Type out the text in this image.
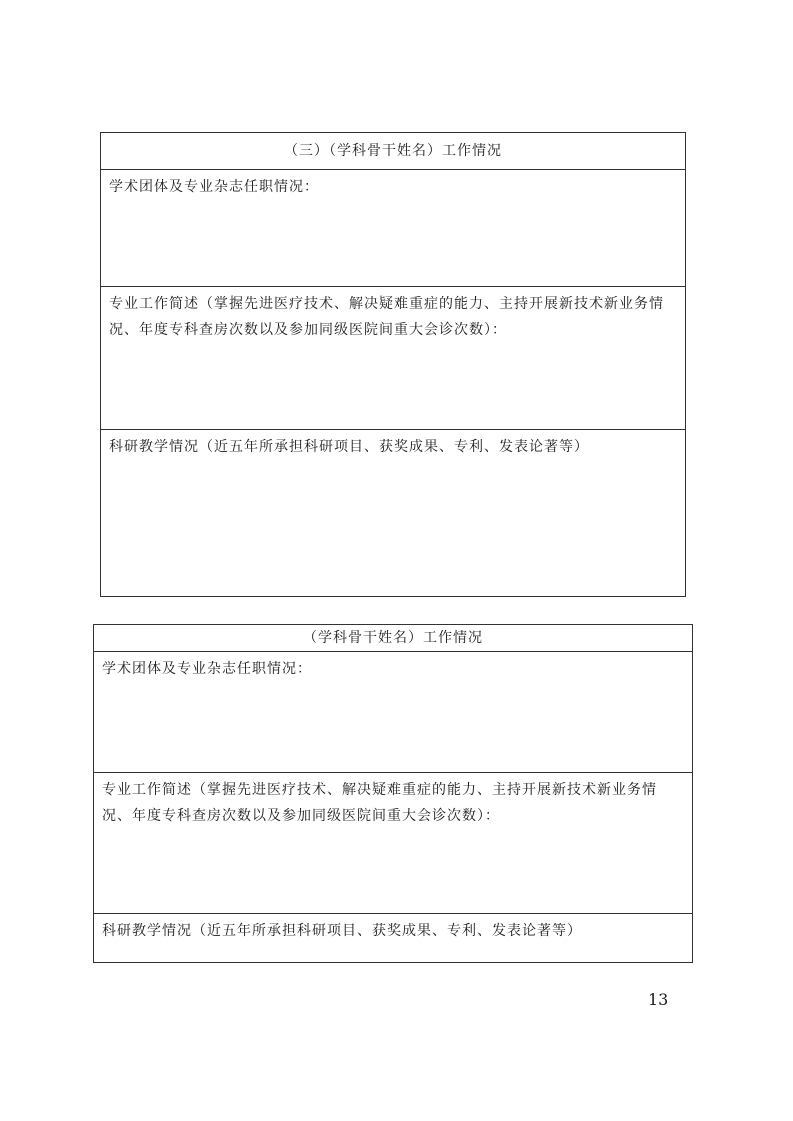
（三）（学科骨干姓名）工作情况
学术团体及专业杂志任职情况：
专业工作简述（掌握先进医疗技术、解决疑难重症的能力、主持开展新技术新业务情况、年度专科查房次数以及参加同级医院间重大会诊次数）：
科研教学情况（近五年所承担科研项目、获奖成果、专利、发表论著等）
（学科骨干姓名）工作情况
学术团体及专业杂志任职情况：
专业工作简述（掌握先进医疗技术、解决疑难重症的能力、主持开展新技术新业务情况、年度专科查房次数以及参加同级医院间重大会诊次数）：
科研教学情况（近五年所承担科研项目、获奖成果、专利、发表论著等）
13
